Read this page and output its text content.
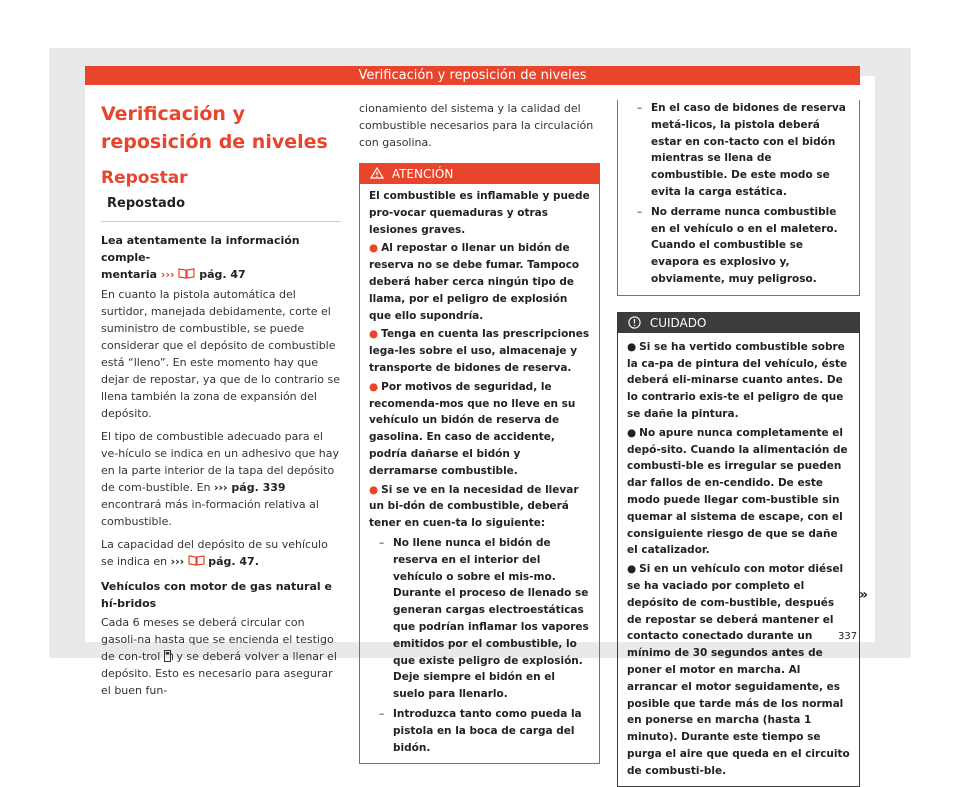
Verificación y reposición de niveles
Verificación y reposición de niveles
Repostar
Repostado

Lea atentamente la información comple-
mentaria ››› pág. 47

En cuanto la pistola automática del surtidor, manejada debidamente, corte el suministro de combustible, se puede considerar que el depósito de combustible está “lleno”. En este momento hay que dejar de repostar, ya que de lo contrario se llena también la zona de expansión del depósito.

El tipo de combustible adecuado para el ve-hículo se indica en un adhesivo que hay en la parte interior de la tapa del depósito de com-bustible. En ››› pág. 339 encontrará más in-formación relativa al combustible.

La capacidad del depósito de su vehículo se indica en ››› pág. 47.

Vehículos con motor de gas natural e hí-bridos

Cada 6 meses se deberá circular con gasoli-na hasta que se encienda el testigo de con-trol y se deberá volver a llenar el depósito. Esto es necesario para asegurar el buen fun-

cionamiento del sistema y la calidad del combustible necesarios para la circulación con gasolina.

ATENCIÓN

El combustible es inflamable y puede pro-vocar quemaduras y otras lesiones graves.

● Al repostar o llenar un bidón de reserva no se debe fumar. Tampoco deberá haber cerca ningún tipo de llama, por el peligro de explosión que ello supondría.
● Tenga en cuenta las prescripciones lega-les sobre el uso, almacenaje y transporte de bidones de reserva.
● Por motivos de seguridad, le recomenda-mos que no lleve en su vehículo un bidón de reserva de gasolina. En caso de accidente, podría dañarse el bidón y derramarse combustible.
● Si se ve en la necesidad de llevar un bi-dón de combustible, deberá tener en cuen-ta lo siguiente:
– No llene nunca el bidón de reserva en el interior del vehículo o sobre el mis-mo. Durante el proceso de llenado se generan cargas electroestáticas que podrían inflamar los vapores emitidos por el combustible, lo que existe peligro de explosión. Deje siempre el bidón en el suelo para llenarlo.
– Introduzca tanto como pueda la pistola en la boca de carga del bidón.
– En el caso de bidones de reserva metá-licos, la pistola deberá estar en con-tacto con el bidón mientras se llena de combustible. De este modo se evita la carga estática.
– No derrame nunca combustible en el vehículo o en el maletero. Cuando el combustible se evapora es explosivo y, obviamente, muy peligroso.
CUIDADO
● Si se ha vertido combustible sobre la ca-pa de pintura del vehículo, éste deberá eli-minarse cuanto antes. De lo contrario exis-te el peligro de que se dañe la pintura.
● No apure nunca completamente el depó-sito. Cuando la alimentación de combusti-ble es irregular se pueden dar fallos de en-cendido. De este modo puede llegar com-bustible sin quemar al sistema de escape, con el consiguiente riesgo de que se dañe el catalizador.
● Si en un vehículo con motor diésel se ha vaciado por completo el depósito de com-bustible, después de repostar se deberá mantener el contacto conectado durante un mínimo de 30 segundos antes de poner el motor en marcha. Al arrancar el motor seguidamente, es posible que tarde más de los normal en ponerse en marcha (hasta 1 minuto). Durante este tiempo se purga el aire que queda en el circuito de combusti-ble.
»
337
